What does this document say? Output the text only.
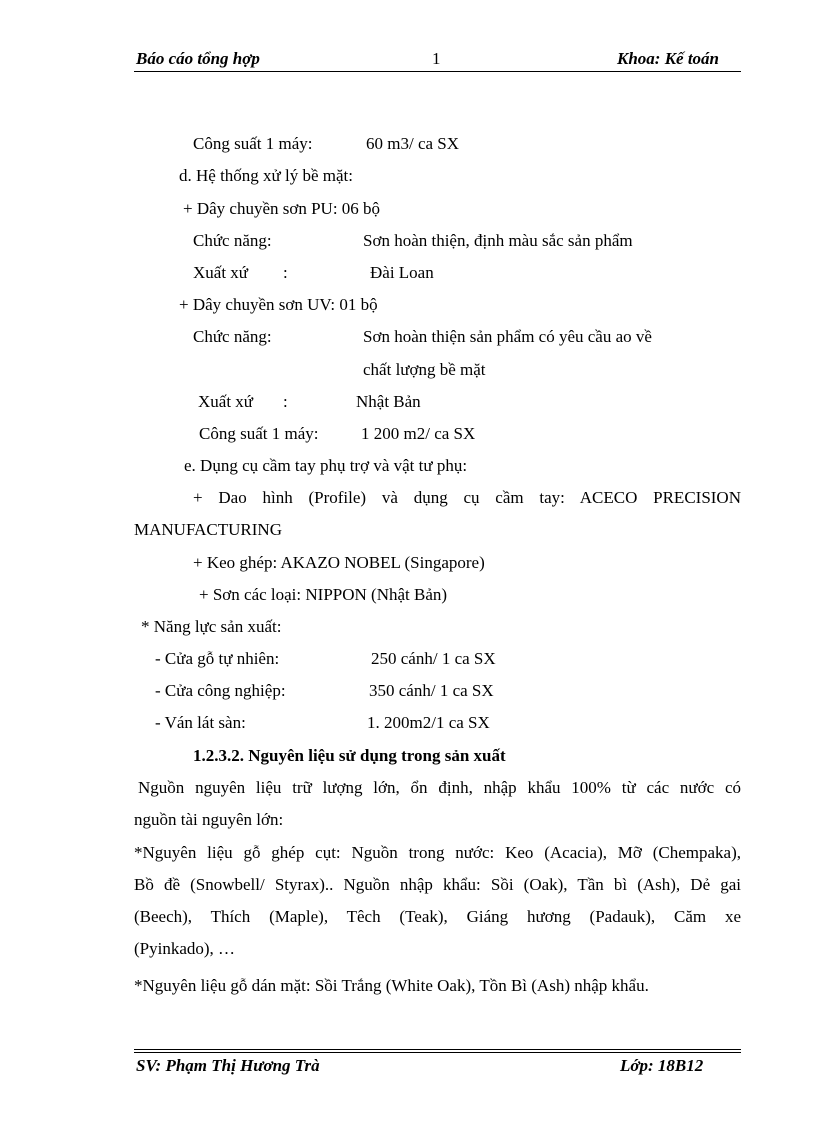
Báo cáo tổng hợp	1	Khoa: Kế toán
Công suất 1 máy:	60 m3/ ca SX
d. Hệ thống xử lý bề mặt:
+ Dây chuyền sơn PU: 06 bộ
Chức năng:	Sơn hoàn thiện, định màu sắc sản phẩm
Xuất xứ :	Đài Loan
+ Dây chuyền sơn UV: 01 bộ
Chức năng:	Sơn hoàn thiện sản phẩm có yêu cầu ao về
chất lượng bề mặt
Xuất xứ :	Nhật Bản
Công suất 1 máy:	1 200 m2/ ca SX
e. Dụng cụ cầm tay phụ trợ và vật tư phụ:
+ Dao hình (Profile) và dụng cụ cầm tay: ACECO PRECISION
MANUFACTURING
+ Keo ghép: AKAZO NOBEL (Singapore)
+ Sơn các loại: NIPPON (Nhật Bản)
* Năng lực sản xuất:
- Cửa gỗ tự nhiên:	250 cánh/ 1 ca SX
- Cửa công nghiệp:	350 cánh/ 1 ca SX
- Ván lát sàn:	1. 200m2/1 ca SX
1.2.3.2. Nguyên liệu sử dụng trong sản xuất
Nguồn nguyên liệu trữ lượng lớn, ổn định, nhập khẩu 100% từ các nước có
nguồn tài nguyên lớn:
*Nguyên liệu gỗ ghép cụt: Nguồn trong nước: Keo (Acacia), Mỡ (Chempaka),
Bồ đề (Snowbell/ Styrax).. Nguồn nhập khẩu: Sồi (Oak), Tần bì (Ash), Dẻ gai
(Beech), Thích (Maple), Têch (Teak), Giáng hương (Padauk), Căm xe
(Pyinkado), …
*Nguyên liệu gỗ dán mặt: Sồi Trắng (White Oak), Tồn Bì (Ash) nhập khẩu.
SV: Phạm Thị Hương Trà	Lớp: 18B12
